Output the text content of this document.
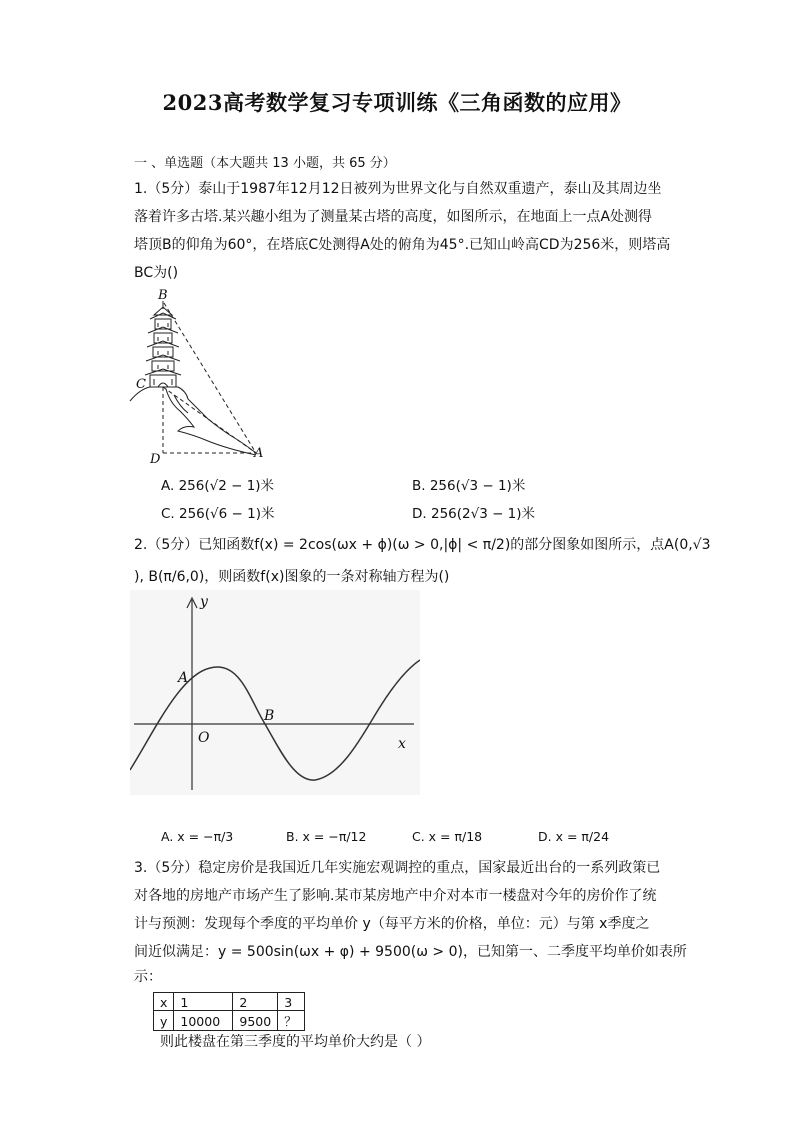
2023高考数学复习专项训练《三角函数的应用》
一 、单选题（本大题共 13 小题，共 65 分）
1.（5分）泰山于1987年12月12日被列为世界文化与自然双重遗产，泰山及其周边坐
落着许多古塔.某兴趣小组为了测量某古塔的高度，如图所示，在地面上一点A处测得
塔顶B的仰角为60°，在塔底C处测得A处的俯角为45°.已知山岭高CD为256米，则塔高
BC为()
B
C
D	A
A. 256(√2 − 1)米	B. 256(√3 − 1)米
C. 256(√6 − 1)米	D. 256(2√3 − 1)米
2.（5分）已知函数f(x) = 2cos(ωx + ϕ)(ω > 0,|ϕ| < π/2)的部分图象如图所示，点A(0,√3
), B(π/6,0)，则函数f(x)图象的一条对称轴方程为()
y
x
O
A
B
A. x = −π/3	B. x = −π/12	C. x = π/18	D. x = π/24
3.（5分）稳定房价是我国近几年实施宏观调控的重点，国家最近出台的一系列政策已
对各地的房地产市场产生了影响.某市某房地产中介对本市一楼盘对今年的房价作了统
计与预测：发现每个季度的平均单价 y（每平方米的价格，单位：元）与第 x季度之
间近似满足：y = 500sin(ωx + φ) + 9500(ω > 0)，已知第一、二季度平均单价如表所
示：
x	1	2	3
y	10000	9500	？
则此楼盘在第三季度的平均单价大约是（ ）
